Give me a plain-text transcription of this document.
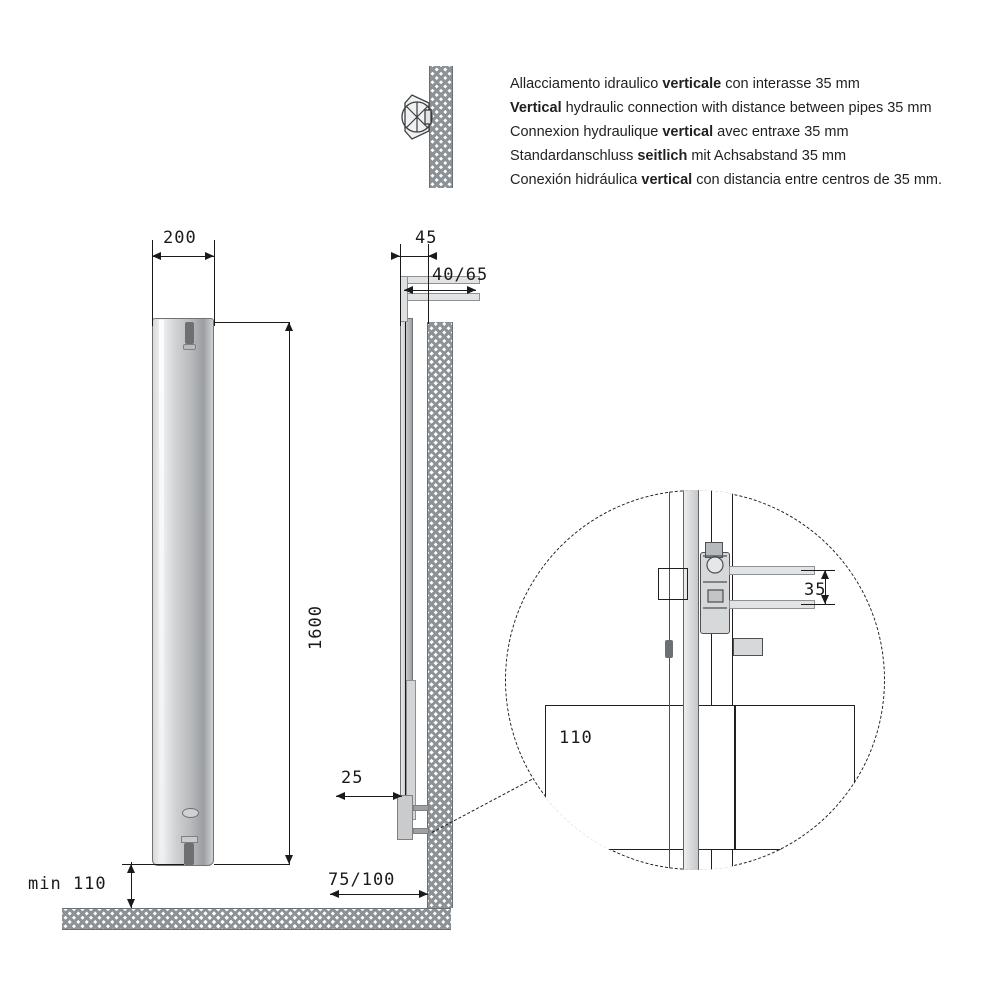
Allacciamento idraulico verticale con interasse 35 mm
Vertical hydraulic connection with distance between pipes 35 mm
Connexion hydraulique vertical avec entraxe 35 mm
Standardanschluss seitlich mit Achsabstand 35 mm
Conexión hidráulica vertical con distancia entre centros de 35 mm.
200
1600
45
40/65
25
75/100
min 110
35
110
